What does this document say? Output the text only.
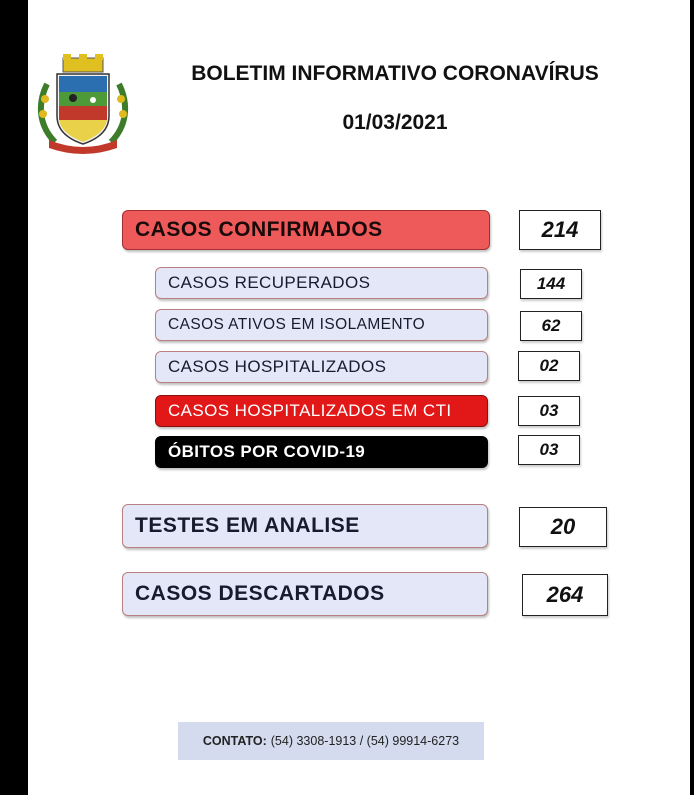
BOLETIM INFORMATIVO CORONAVÍRUS
01/03/2021
CASOS CONFIRMADOS	214
CASOS RECUPERADOS	144
CASOS ATIVOS EM ISOLAMENTO	62
CASOS HOSPITALIZADOS	02
CASOS HOSPITALIZADOS EM CTI	03
ÓBITOS POR COVID-19	03
TESTES EM ANALISE	20
CASOS DESCARTADOS	264
CONTATO: (54) 3308-1913 / (54) 99914-6273
